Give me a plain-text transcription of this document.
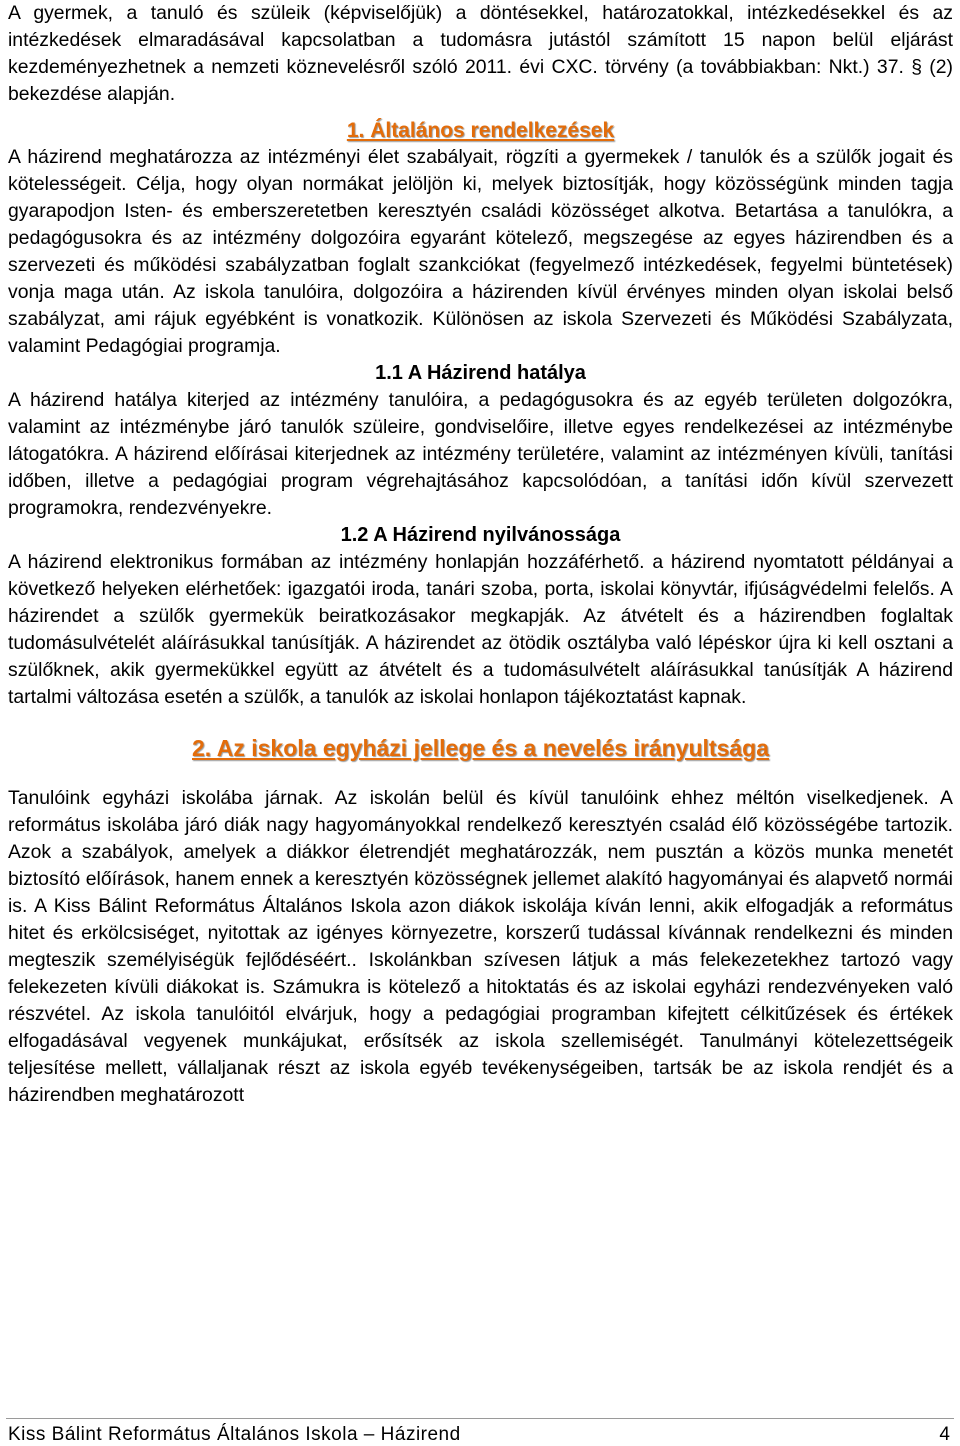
A gyermek, a tanuló és szüleik (képviselőjük) a döntésekkel, határozatokkal, intézkedésekkel és az intézkedések elmaradásával kapcsolatban a tudomásra jutástól számított 15 napon belül eljárást kezdeményezhetnek a nemzeti köznevelésről szóló 2011. évi CXC. törvény (a továbbiakban: Nkt.) 37. § (2) bekezdése alapján.

1. Általános rendelkezések

A házirend meghatározza az intézményi élet szabályait, rögzíti a gyermekek / tanulók és a szülők jogait és kötelességeit. Célja, hogy olyan normákat jelöljön ki, melyek biztosítják, hogy közösségünk minden tagja gyarapodjon Isten- és emberszeretetben keresztyén családi közösséget alkotva. Betartása a tanulókra, a pedagógusokra és az intézmény dolgozóira egyaránt kötelező, megszegése az egyes házirendben és a szervezeti és működési szabályzatban foglalt szankciókat (fegyelmező intézkedések, fegyelmi büntetések) vonja maga után. Az iskola tanulóira, dolgozóira a házirenden kívül érvényes minden olyan iskolai belső szabályzat, ami rájuk egyébként is vonatkozik. Különösen az iskola Szervezeti és Működési Szabályzata, valamint Pedagógiai programja.

1.1 A Házirend hatálya

A házirend hatálya kiterjed az intézmény tanulóira, a pedagógusokra és az egyéb területen dolgozókra, valamint az intézménybe járó tanulók szüleire, gondviselőire, illetve egyes rendelkezései az intézménybe látogatókra. A házirend előírásai kiterjednek az intézmény területére, valamint az intézményen kívüli, tanítási időben, illetve a pedagógiai program végrehajtásához kapcsolódóan, a tanítási időn kívül szervezett programokra, rendezvényekre.

1.2 A Házirend nyilvánossága

A házirend elektronikus formában az intézmény honlapján hozzáférhető. a házirend nyomtatott példányai a következő helyeken elérhetőek: igazgatói iroda, tanári szoba, porta, iskolai könyvtár, ifjúságvédelmi felelős. A házirendet a szülők gyermekük beiratkozásakor megkapják. Az átvételt és a házirendben foglaltak tudomásulvételét aláírásukkal tanúsítják. A házirendet az ötödik osztályba való lépéskor újra ki kell osztani a szülőknek, akik gyermekükkel együtt az átvételt és a tudomásulvételt aláírásukkal tanúsítják A házirend tartalmi változása esetén a szülők, a tanulók az iskolai honlapon tájékoztatást kapnak.

2. Az iskola egyházi jellege és a nevelés irányultsága

Tanulóink egyházi iskolába járnak. Az iskolán belül és kívül tanulóink ehhez méltón viselkedjenek. A református iskolába járó diák nagy hagyományokkal rendelkező keresztyén család élő közösségébe tartozik. Azok a szabályok, amelyek a diákkor életrendjét meghatározzák, nem pusztán a közös munka menetét biztosító előírások, hanem ennek a keresztyén közösségnek jellemet alakító hagyományai és alapvető normái is. A Kiss Bálint Református Általános Iskola azon diákok iskolája kíván lenni, akik elfogadják a református hitet és erkölcsiséget, nyitottak az igényes környezetre, korszerű tudással kívánnak rendelkezni és minden megteszik személyiségük fejlődéséért.. Iskolánkban szívesen látjuk a más felekezetekhez tartozó vagy felekezeten kívüli diákokat is. Számukra is kötelező a hitoktatás és az iskolai egyházi rendezvényeken való részvétel. Az iskola tanulóitól elvárjuk, hogy a pedagógiai programban kifejtett célkitűzések és értékek elfogadásával vegyenek munkájukat, erősítsék az iskola szellemiségét. Tanulmányi kötelezettségeik teljesítése mellett, vállaljanak részt az iskola egyéb tevékenységeiben, tartsák be az iskola rendjét és a házirendben meghatározott

Kiss Bálint Református Általános Iskola – Házirend	4
